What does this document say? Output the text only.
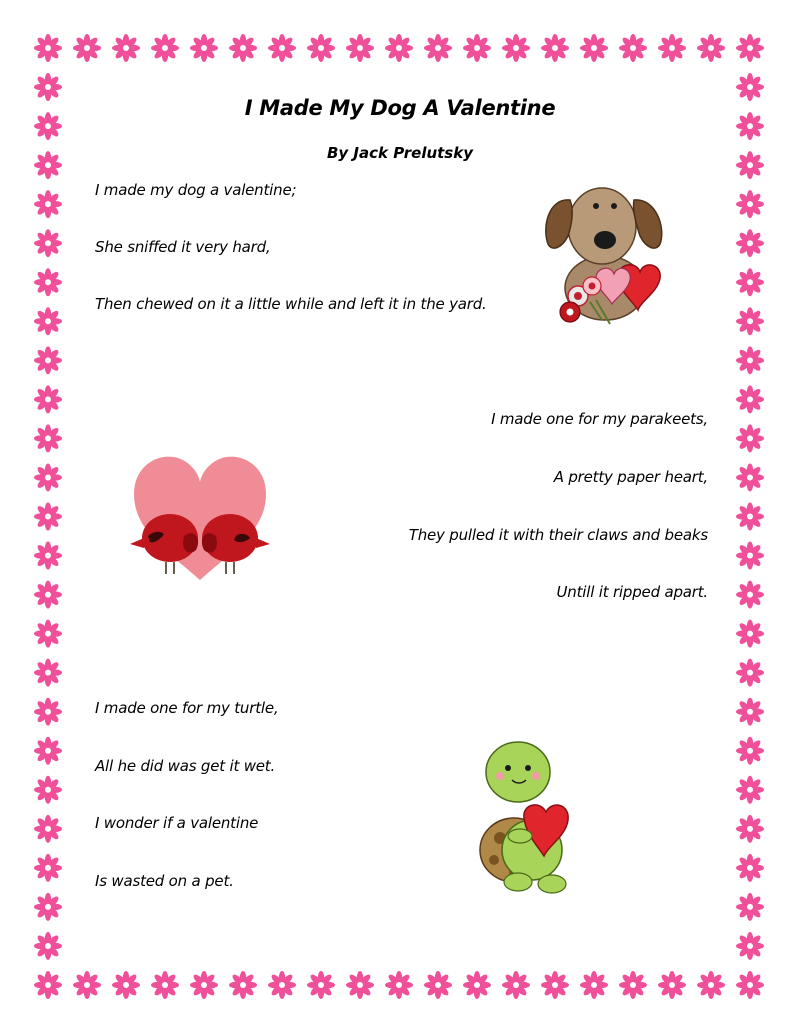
I Made My Dog A Valentine

By Jack Prelutsky

I made my dog a valentine;

She sniffed it very hard,

Then chewed on it a little while and left it in the yard.

I made one for my parakeets,

A pretty paper heart,

They pulled it with their claws and beaks

Untill it ripped apart.

I made one for my turtle,

All he did was get it wet.

I wonder if a valentine

Is wasted on a pet.
